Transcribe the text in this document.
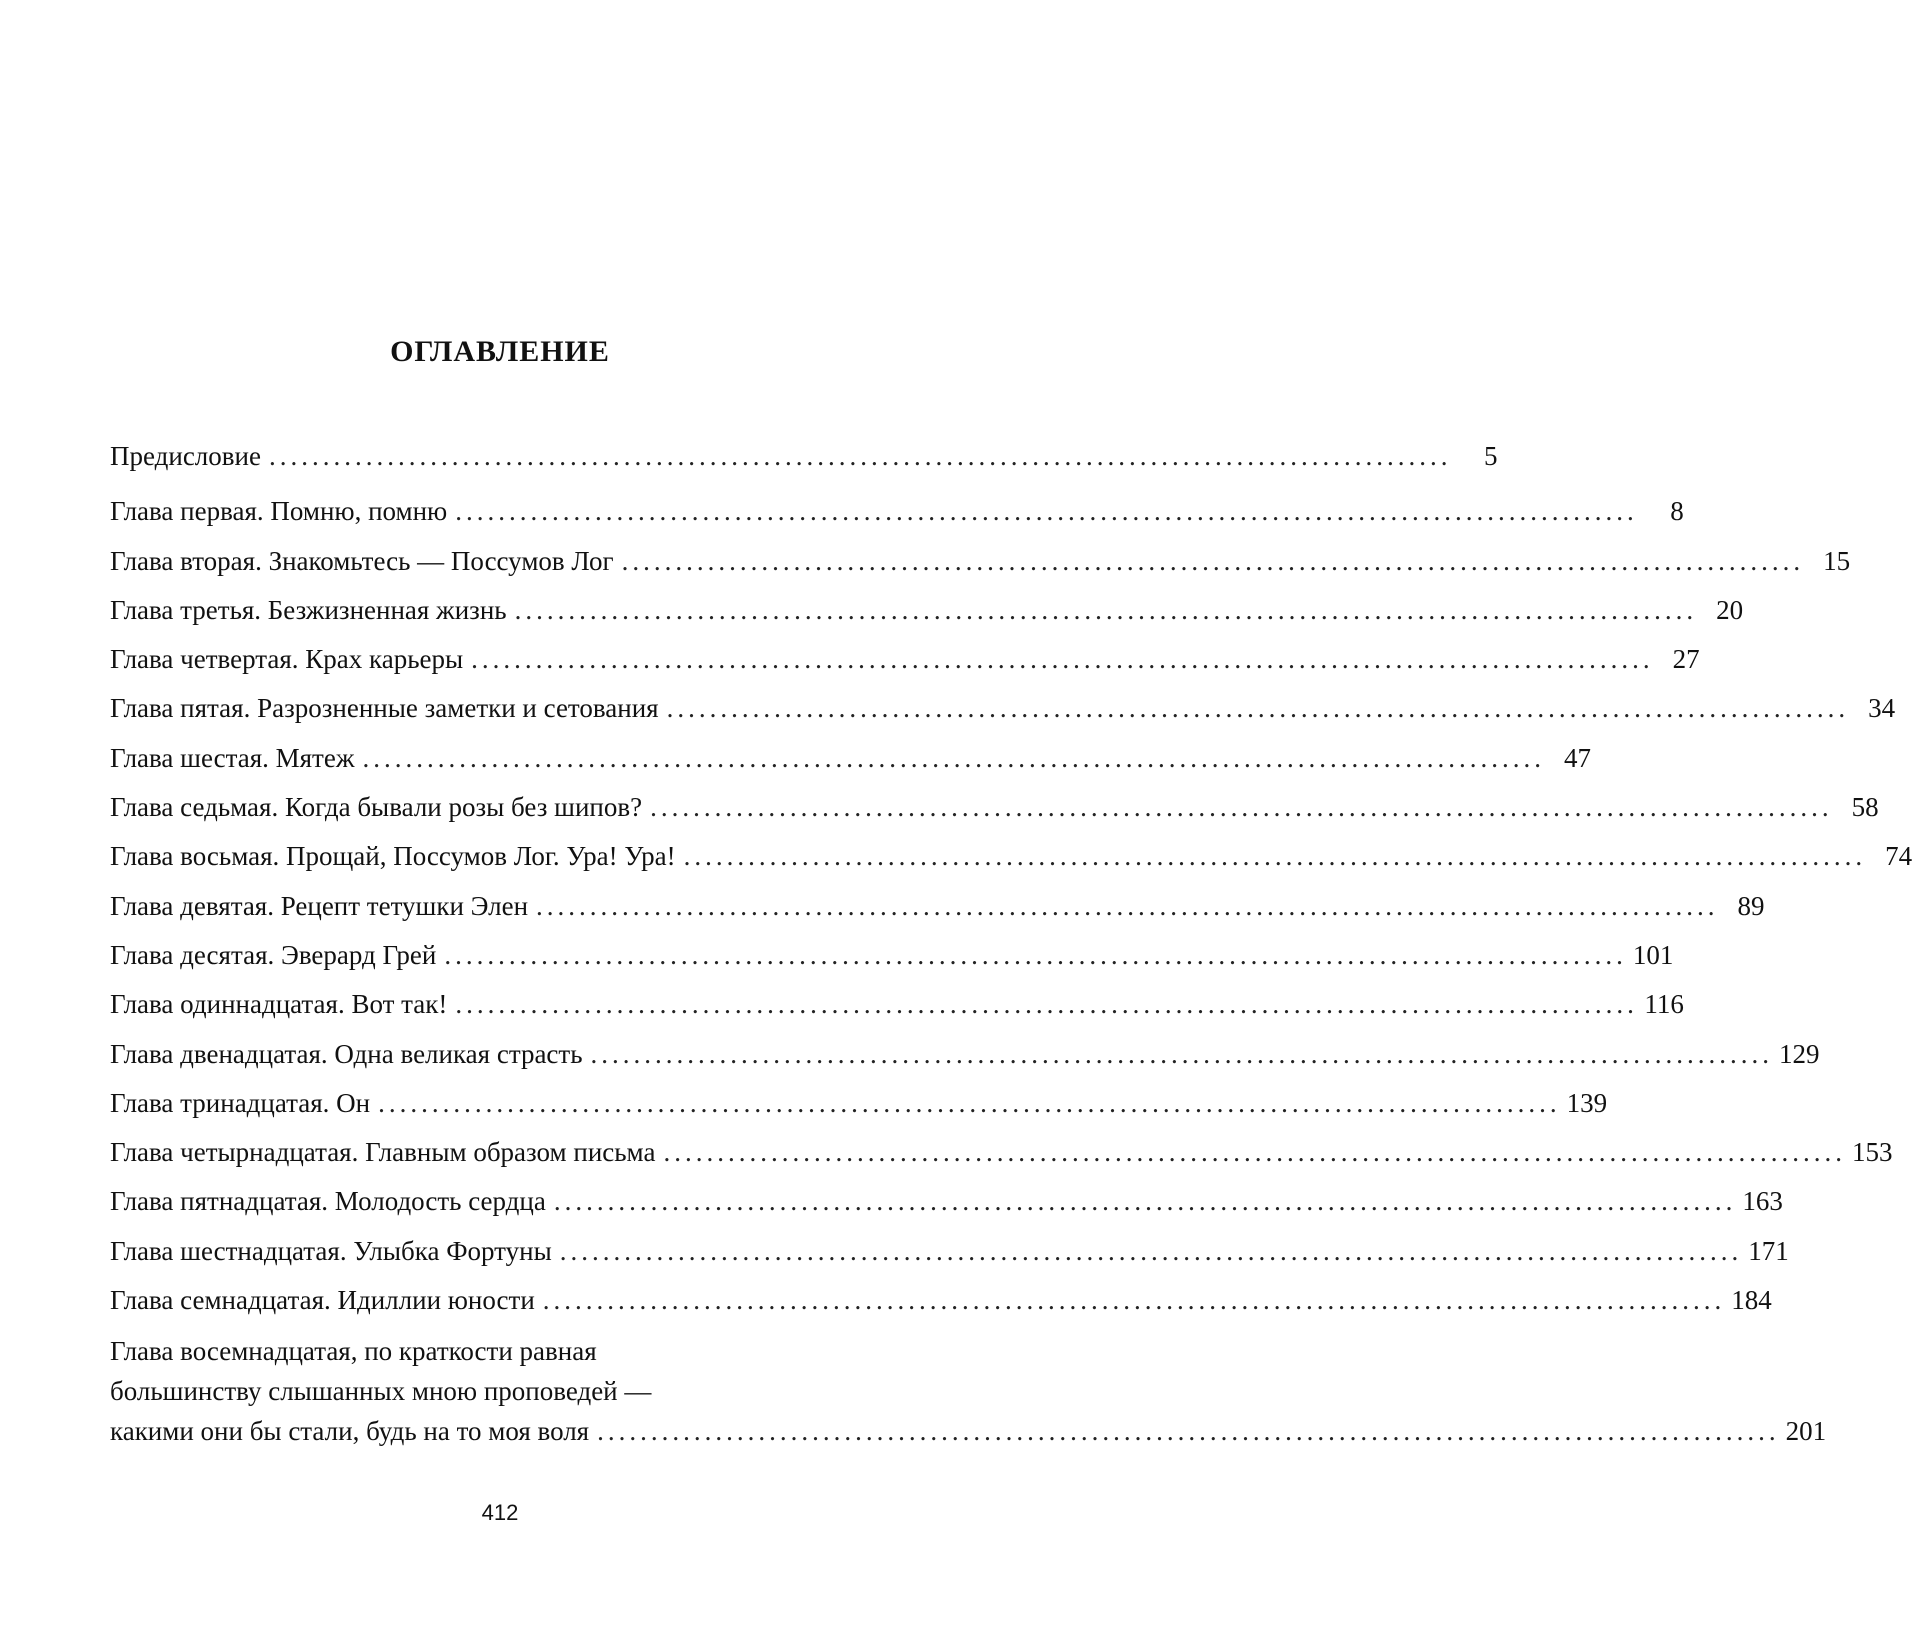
ОГЛАВЛЕНИЕ
Предисловие ..............................................................................................................	5
Глава первая. Помню, помню ..............................................................................................................	8
Глава вторая. Знакомьтесь — Поссумов Лог .............................................................................................................. 15
Глава третья. Безжизненная жизнь .............................................................................................................. 20
Глава четвертая. Крах карьеры .............................................................................................................. 27
Глава пятая. Разрозненные заметки и сетования .............................................................................................................. 34
Глава шестая. Мятеж .............................................................................................................. 47
Глава седьмая. Когда бывали розы без шипов? .............................................................................................................. 58
Глава восьмая. Прощай, Поссумов Лог. Ура! Ура! .............................................................................................................. 74
Глава девятая. Рецепт тетушки Элен .............................................................................................................. 89
Глава десятая. Эверард Грей .............................................................................................................. 101
Глава одиннадцатая. Вот так! .............................................................................................................. 116
Глава двенадцатая. Одна великая страсть .............................................................................................................. 129
Глава тринадцатая. Он .............................................................................................................. 139
Глава четырнадцатая. Главным образом письма .............................................................................................................. 153
Глава пятнадцатая. Молодость сердца .............................................................................................................. 163
Глава шестнадцатая. Улыбка Фортуны .............................................................................................................. 171
Глава семнадцатая. Идиллии юности .............................................................................................................. 184
Глава восемнадцатая, по краткости равная
большинству слышанных мною проповедей —
какими они бы стали, будь на то моя воля .............................................................................................................. 201
412
